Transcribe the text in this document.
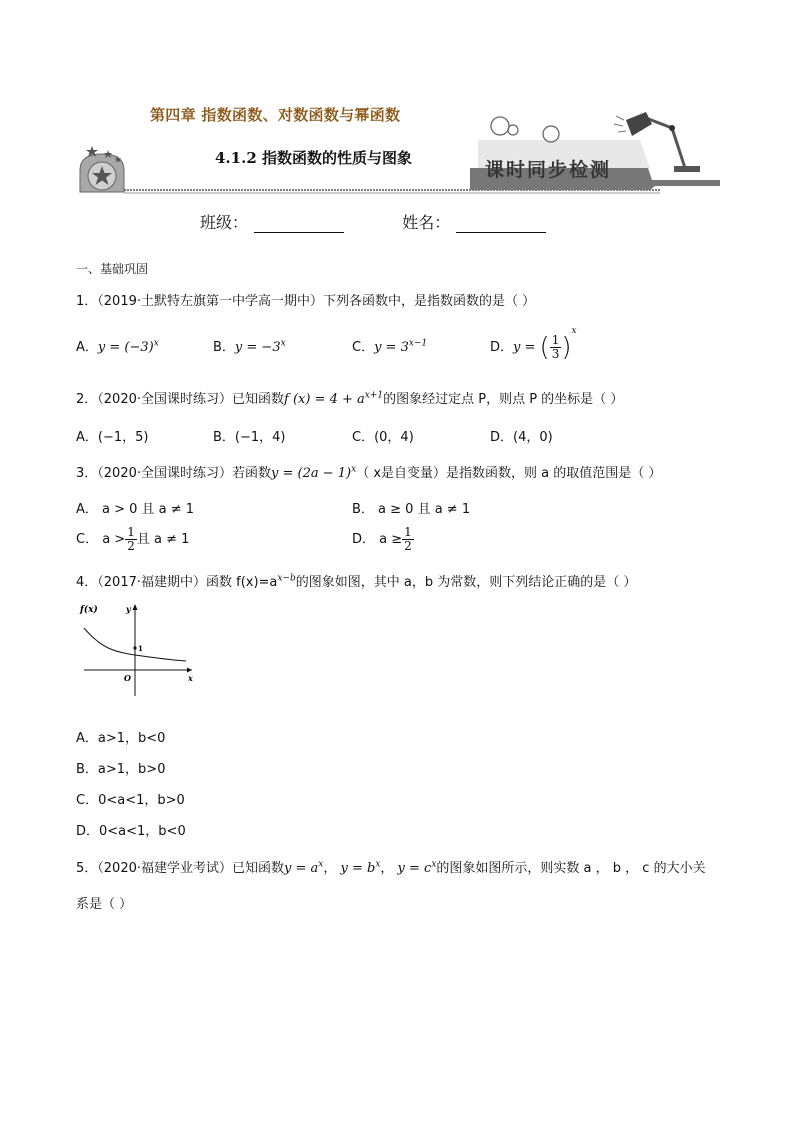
第四章 指数函数、对数函数与幂函数
4.1.2 指数函数的性质与图象
课时同步检测
班级：	姓名：
一、基础巩固
1．（2019·土默特左旗第一中学高一期中）下列各函数中，是指数函数的是（ ）
A．$y = (-3)^x$	B．$y = -3^x$	C．$y = 3^{x-1}$	D．y = ( $\frac{1}{3} )^x$
2．（2020·全国课时练习）已知函数f $(x) = 4 + a^{x+1}$的图象经过定点 P，则点 P 的坐标是（ ）
A．(−1，5)	B．(−1，4)	C．(0，4)	D．(4，0)
3．（2020·全国课时练习）若函数$y = (2a - 1)^x$（ x是自变量）是指数函数，则 a 的取值范围是（ ）
A． a > 0 且 a ≠ 1	B． a ≥ 0 且 a ≠ 1
C． $a > \frac{1}{2}$ 且 a ≠ 1	D． $a \ge \frac{1}{2}$
4．（2017·福建期中）函数 $f(x)=a^{x-b}$的图象如图，其中 a，b 为常数，则下列结论正确的是（ ）
f(x)	y
x
O
1
A．a>1，b<0
B．a>1，b>0
C．0<a<1，b>0
D．0<a<1，b<0
5．（2020·福建学业考试）已知函数$y = a^x$， $y = b^x$， $y = c^x$的图象如图所示，则实数 a ， b ， c 的大小关
系是（ ）
